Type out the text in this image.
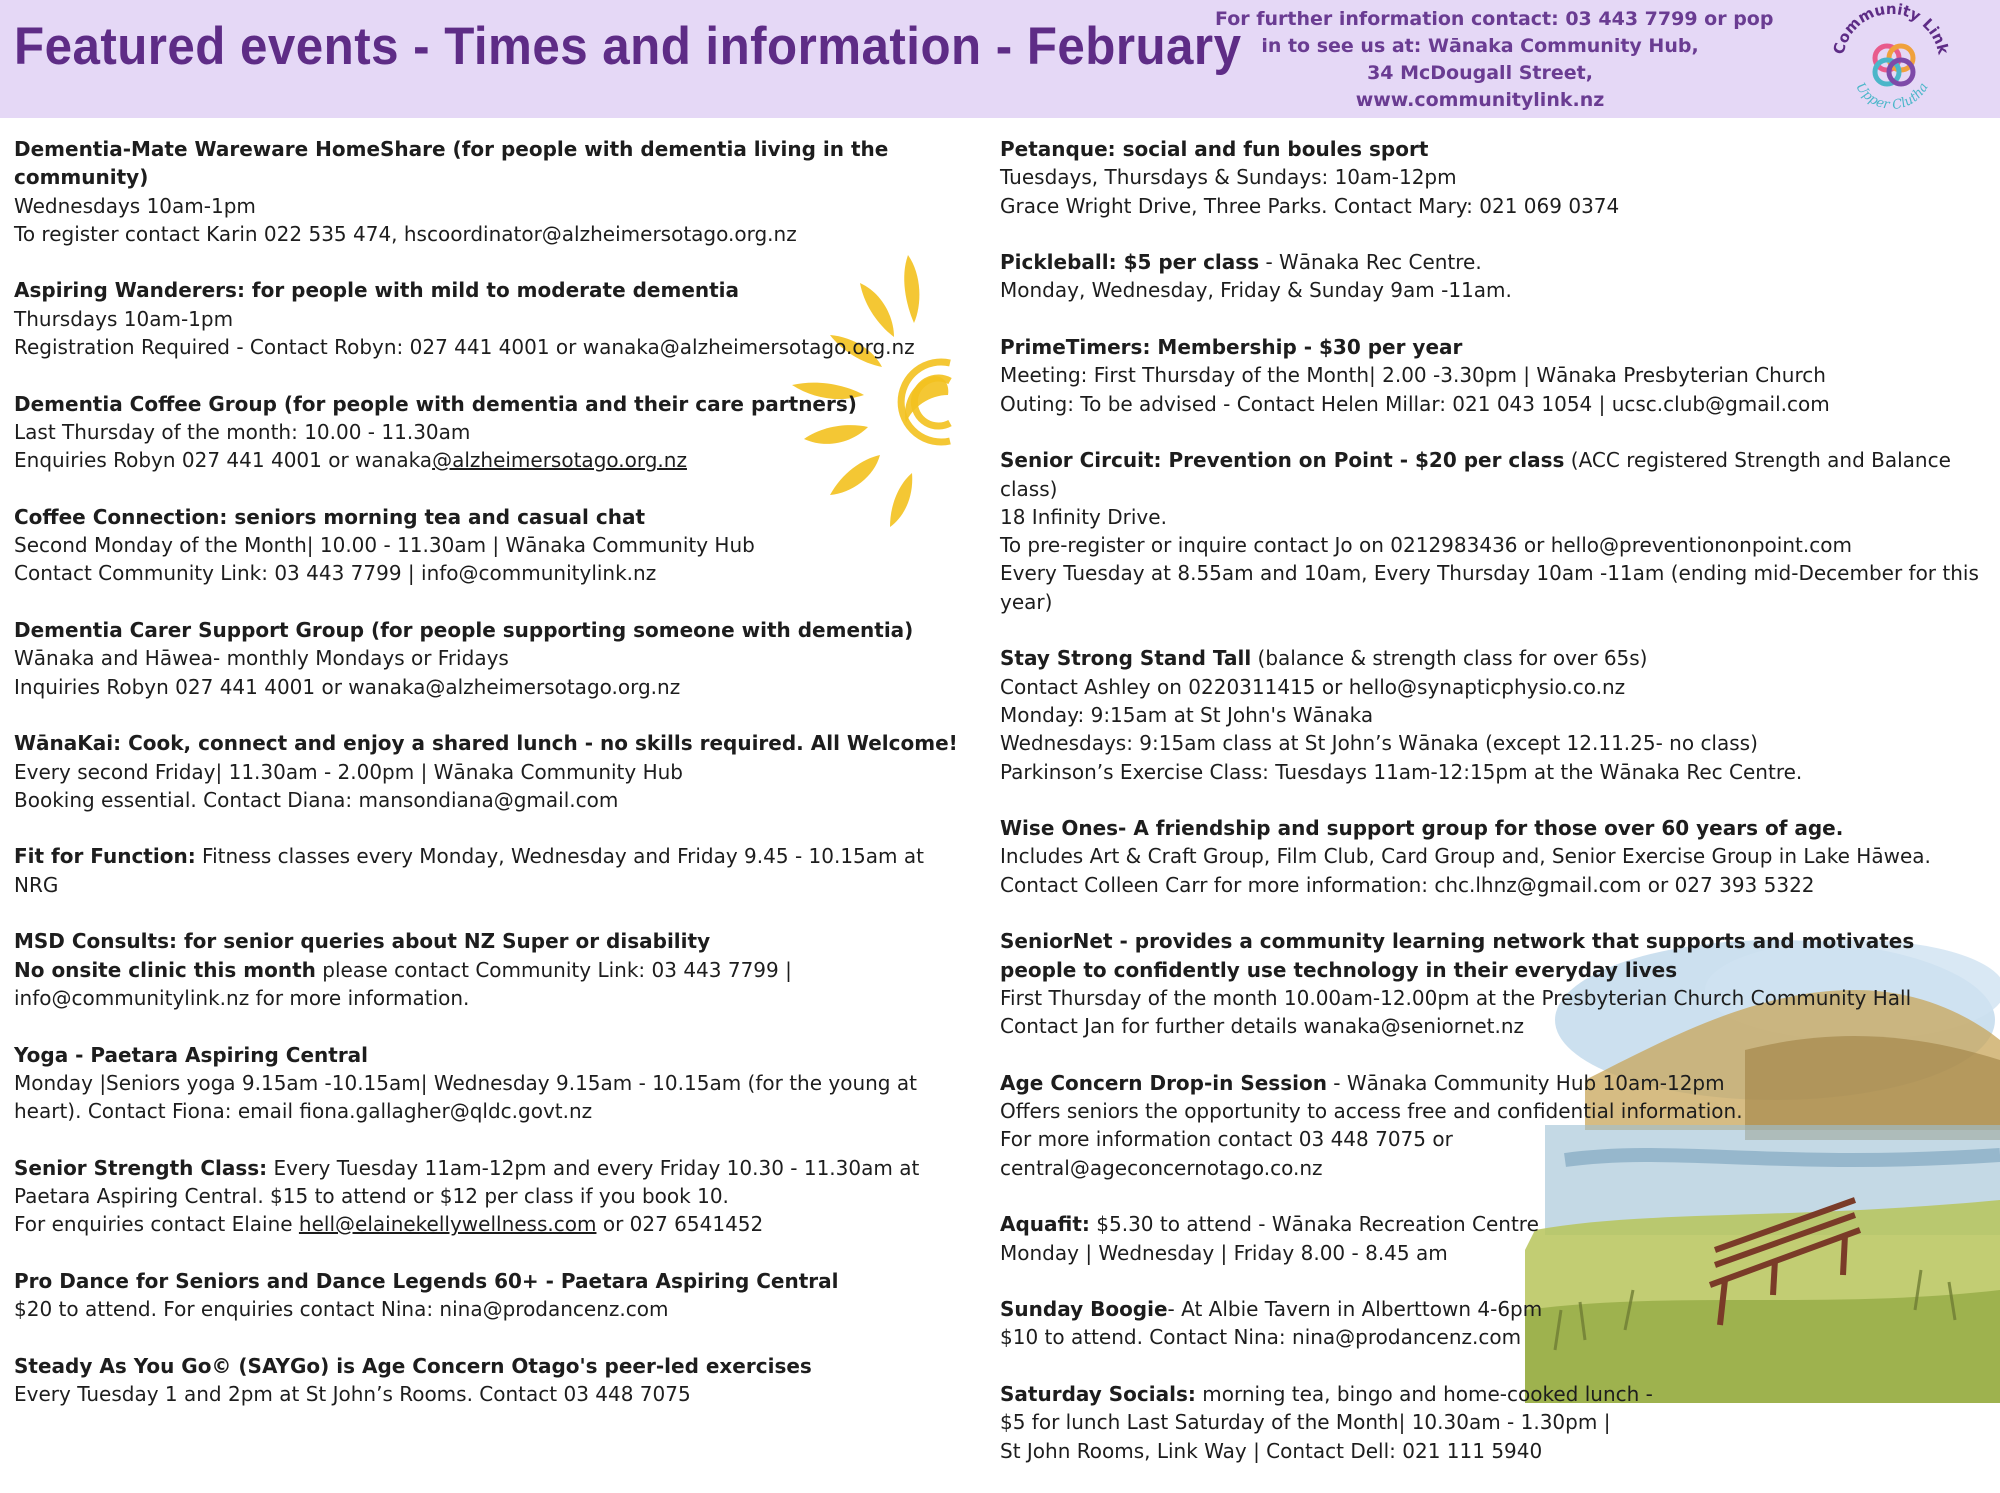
Featured events - Times and information - February
For further information contact: 03 443 7799 or pop
in to see us at: Wānaka Community Hub,
34 McDougall Street,
www.communitylink.nz
Community Link
Upper Clutha
Dementia-Mate Wareware HomeShare (for people with dementia living in the community)
Wednesdays 10am-1pm
To register contact Karin 022 535 474, hscoordinator@alzheimersotago.org.nz
Aspiring Wanderers: for people with mild to moderate dementia
Thursdays 10am-1pm
Registration Required - Contact Robyn: 027 441 4001 or wanaka@alzheimersotago.org.nz
Dementia Coffee Group (for people with dementia and their care partners)
Last Thursday of the month: 10.00 - 11.30am
Enquiries Robyn 027 441 4001 or wanaka@alzheimersotago.org.nz
Coffee Connection: seniors morning tea and casual chat
Second Monday of the Month| 10.00 - 11.30am | Wānaka Community Hub
Contact Community Link: 03 443 7799 | info@communitylink.nz
Dementia Carer Support Group (for people supporting someone with dementia)
Wānaka and Hāwea- monthly Mondays or Fridays
Inquiries Robyn 027 441 4001 or wanaka@alzheimersotago.org.nz
WānaKai: Cook, connect and enjoy a shared lunch - no skills required. All Welcome!
Every second Friday| 11.30am - 2.00pm | Wānaka Community Hub
Booking essential. Contact Diana: mansondiana@gmail.com
Fit for Function: Fitness classes every Monday, Wednesday and Friday 9.45 - 10.15am at NRG
MSD Consults: for senior queries about NZ Super or disability
No onsite clinic this month please contact Community Link: 03 443 7799 | info@communitylink.nz for more information.
Yoga - Paetara Aspiring Central
Monday |Seniors yoga 9.15am -10.15am| Wednesday 9.15am - 10.15am (for the young at heart). Contact Fiona: email fiona.gallagher@qldc.govt.nz
Senior Strength Class: Every Tuesday 11am-12pm and every Friday 10.30 - 11.30am at Paetara Aspiring Central. $15 to attend or $12 per class if you book 10.
For enquiries contact Elaine hell@elainekellywellness.com or 027 6541452
Pro Dance for Seniors and Dance Legends 60+ - Paetara Aspiring Central
$20 to attend. For enquiries contact Nina: nina@prodancenz.com
Steady As You Go© (SAYGo) is Age Concern Otago's peer-led exercises
Every Tuesday 1 and 2pm at St John’s Rooms. Contact 03 448 7075
Petanque: social and fun boules sport
Tuesdays, Thursdays & Sundays: 10am-12pm
Grace Wright Drive, Three Parks. Contact Mary: 021 069 0374
Pickleball: $5 per class - Wānaka Rec Centre.
Monday, Wednesday, Friday & Sunday 9am -11am.
PrimeTimers: Membership - $30 per year
Meeting: First Thursday of the Month| 2.00 -3.30pm | Wānaka Presbyterian Church
Outing: To be advised - Contact Helen Millar: 021 043 1054 | ucsc.club@gmail.com
Senior Circuit: Prevention on Point - $20 per class (ACC registered Strength and Balance class)
18 Infinity Drive.
To pre-register or inquire contact Jo on 0212983436 or hello@preventiononpoint.com
Every Tuesday at 8.55am and 10am, Every Thursday 10am -11am (ending mid-December for this year)
Stay Strong Stand Tall (balance & strength class for over 65s)
Contact Ashley on 0220311415 or hello@synapticphysio.co.nz
Monday: 9:15am at St John's Wānaka
Wednesdays: 9:15am class at St John’s Wānaka (except 12.11.25- no class)
Parkinson’s Exercise Class: Tuesdays 11am-12:15pm at the Wānaka Rec Centre.
Wise Ones- A friendship and support group for those over 60 years of age.
Includes Art & Craft Group, Film Club, Card Group and, Senior Exercise Group in Lake Hāwea. Contact Colleen Carr for more information: chc.lhnz@gmail.com or 027 393 5322
SeniorNet - provides a community learning network that supports and motivates people to confidently use technology in their everyday lives
First Thursday of the month 10.00am-12.00pm at the Presbyterian Church Community Hall
Contact Jan for further details wanaka@seniornet.nz
Age Concern Drop-in Session - Wānaka Community Hub 10am-12pm
Offers seniors the opportunity to access free and confidential information.
For more information contact 03 448 7075 or
central@ageconcernotago.co.nz
Aquafit: $5.30 to attend - Wānaka Recreation Centre
Monday | Wednesday | Friday 8.00 - 8.45 am
Sunday Boogie- At Albie Tavern in Alberttown 4-6pm
$10 to attend. Contact Nina: nina@prodancenz.com
Saturday Socials: morning tea, bingo and home-cooked lunch -
$5 for lunch Last Saturday of the Month| 10.30am - 1.30pm |
St John Rooms, Link Way | Contact Dell: 021 111 5940
